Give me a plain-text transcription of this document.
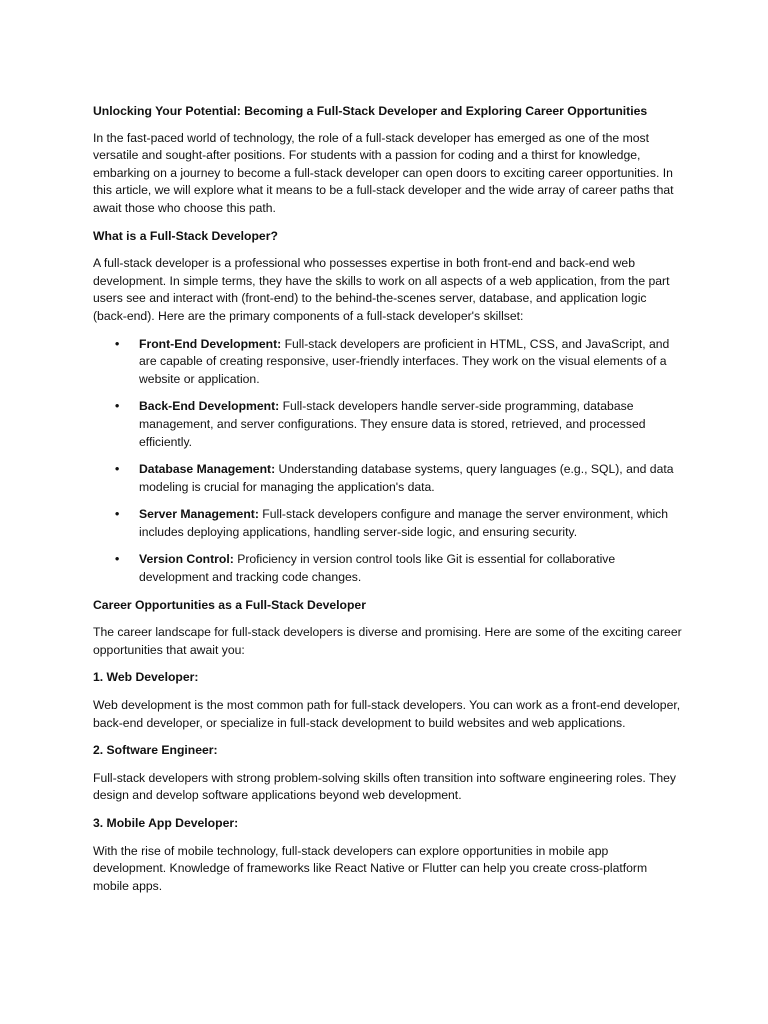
Unlocking Your Potential: Becoming a Full-Stack Developer and Exploring Career Opportunities

In the fast-paced world of technology, the role of a full-stack developer has emerged as one of the most versatile and sought-after positions. For students with a passion for coding and a thirst for knowledge, embarking on a journey to become a full-stack developer can open doors to exciting career opportunities. In this article, we will explore what it means to be a full-stack developer and the wide array of career paths that await those who choose this path.

What is a Full-Stack Developer?

A full-stack developer is a professional who possesses expertise in both front-end and back-end web development. In simple terms, they have the skills to work on all aspects of a web application, from the part users see and interact with (front-end) to the behind-the-scenes server, database, and application logic (back-end). Here are the primary components of a full-stack developer's skillset:

• Front-End Development: Full-stack developers are proficient in HTML, CSS, and JavaScript, and are capable of creating responsive, user-friendly interfaces. They work on the visual elements of a website or application.
• Back-End Development: Full-stack developers handle server-side programming, database management, and server configurations. They ensure data is stored, retrieved, and processed efficiently.
• Database Management: Understanding database systems, query languages (e.g., SQL), and data modeling is crucial for managing the application's data.
• Server Management: Full-stack developers configure and manage the server environment, which includes deploying applications, handling server-side logic, and ensuring security.
• Version Control: Proficiency in version control tools like Git is essential for collaborative development and tracking code changes.
Career Opportunities as a Full-Stack Developer

The career landscape for full-stack developers is diverse and promising. Here are some of the exciting career opportunities that await you:

1. Web Developer:

Web development is the most common path for full-stack developers. You can work as a front-end developer, back-end developer, or specialize in full-stack development to build websites and web applications.

2. Software Engineer:

Full-stack developers with strong problem-solving skills often transition into software engineering roles. They design and develop software applications beyond web development.

3. Mobile App Developer:

With the rise of mobile technology, full-stack developers can explore opportunities in mobile app development. Knowledge of frameworks like React Native or Flutter can help you create cross-platform mobile apps.
